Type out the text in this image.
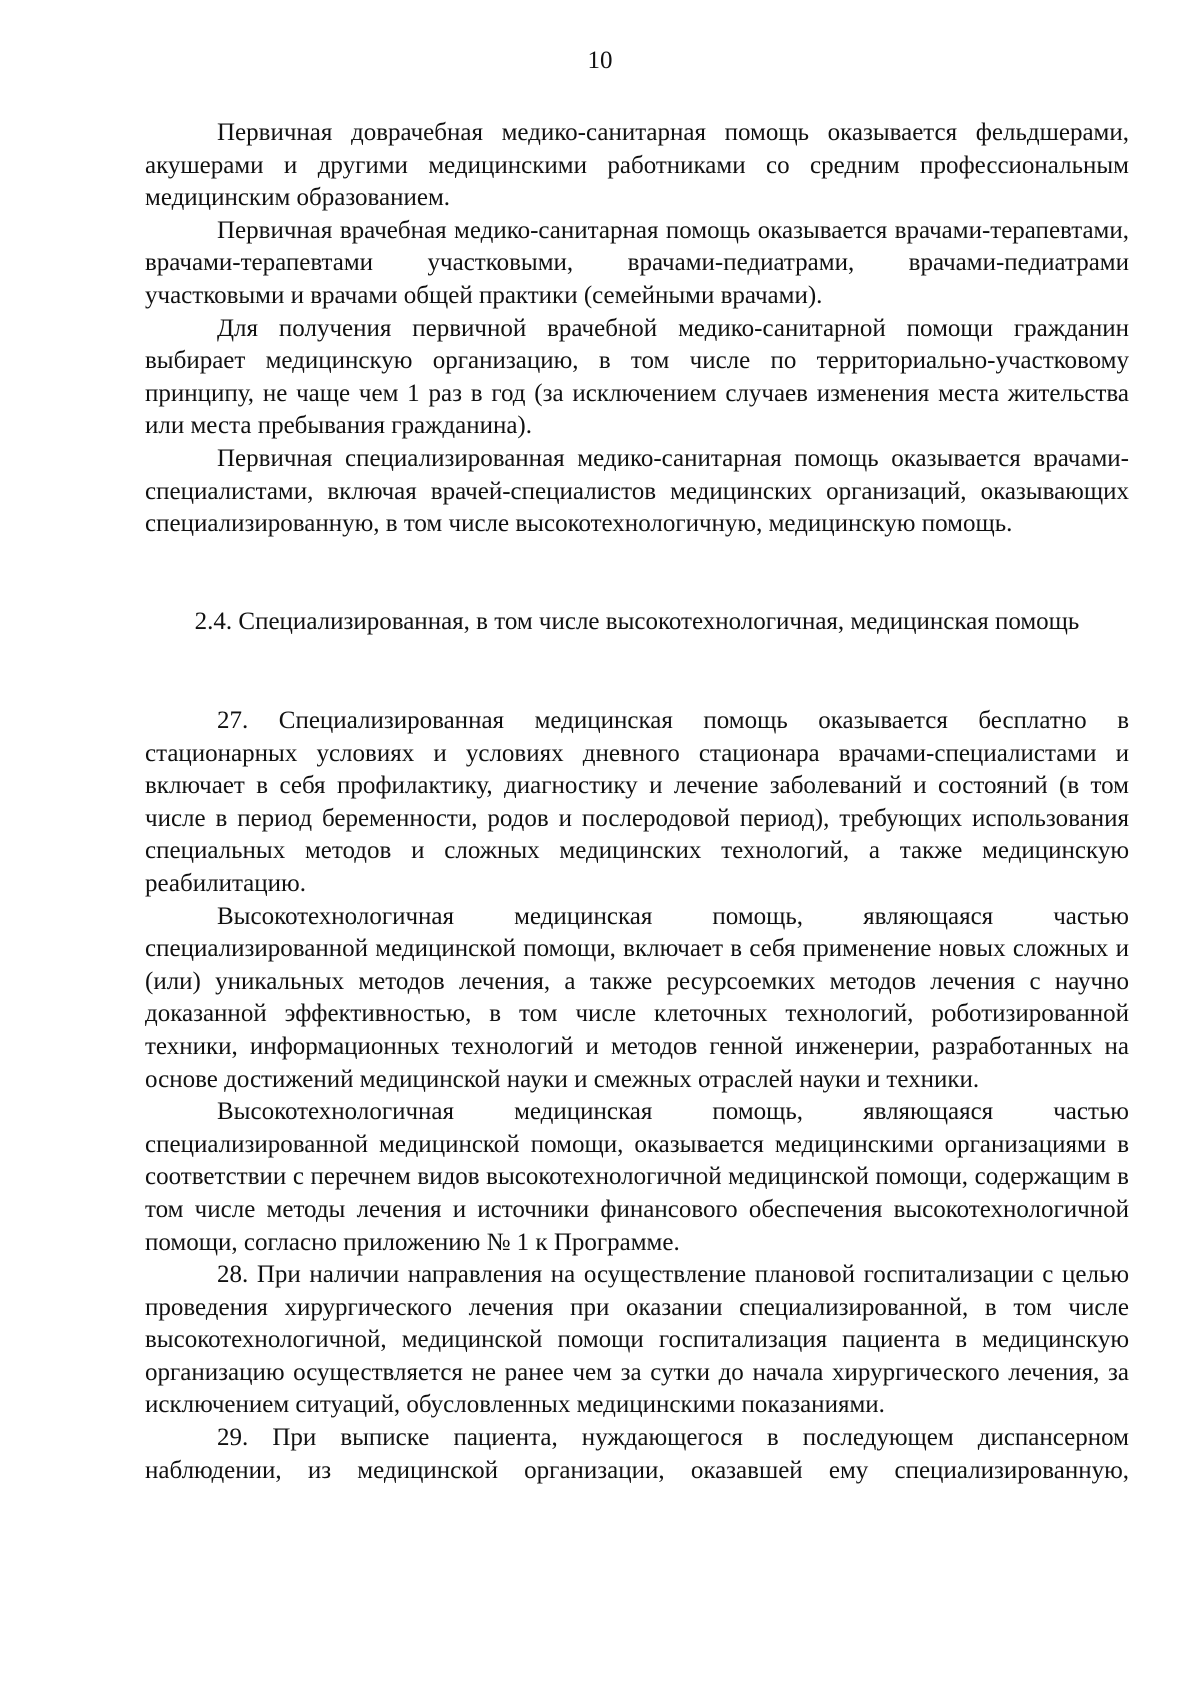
10

Первичная доврачебная медико-санитарная помощь оказывается фельдшерами, акушерами и другими медицинскими работниками со средним профессиональным медицинским образованием.

Первичная врачебная медико-санитарная помощь оказывается врачами-терапевтами, врачами-терапевтами участковыми, врачами-педиатрами, врачами-педиатрами участковыми и врачами общей практики (семейными врачами).

Для получения первичной врачебной медико-санитарной помощи гражданин выбирает медицинскую организацию, в том числе по территориально-участковому принципу, не чаще чем 1 раз в год (за исключением случаев изменения места жительства или места пребывания гражданина).

Первичная специализированная медико-санитарная помощь оказывается врачами-специалистами, включая врачей-специалистов медицинских организаций, оказывающих специализированную, в том числе высокотехнологичную, медицинскую помощь.

2.4. Специализированная, в том числе высокотехнологичная, медицинская помощь

27. Специализированная медицинская помощь оказывается бесплатно в стационарных условиях и условиях дневного стационара врачами-специалистами и включает в себя профилактику, диагностику и лечение заболеваний и состояний (в том числе в период беременности, родов и послеродовой период), требующих использования специальных методов и сложных медицинских технологий, а также медицинскую реабилитацию.

Высокотехнологичная медицинская помощь, являющаяся частью специализированной медицинской помощи, включает в себя применение новых сложных и (или) уникальных методов лечения, а также ресурсоемких методов лечения с научно доказанной эффективностью, в том числе клеточных технологий, роботизированной техники, информационных технологий и методов генной инженерии, разработанных на основе достижений медицинской науки и смежных отраслей науки и техники.

Высокотехнологичная медицинская помощь, являющаяся частью специализированной медицинской помощи, оказывается медицинскими организациями в соответствии с перечнем видов высокотехнологичной медицинской помощи, содержащим в том числе методы лечения и источники финансового обеспечения высокотехнологичной помощи, согласно приложению № 1 к Программе.

28. При наличии направления на осуществление плановой госпитализации с целью проведения хирургического лечения при оказании специализированной, в том числе высокотехнологичной, медицинской помощи госпитализация пациента в медицинскую организацию осуществляется не ранее чем за сутки до начала хирургического лечения, за исключением ситуаций, обусловленных медицинскими показаниями.

29. При выписке пациента, нуждающегося в последующем диспансерном наблюдении, из медицинской организации, оказавшей ему специализированную,
